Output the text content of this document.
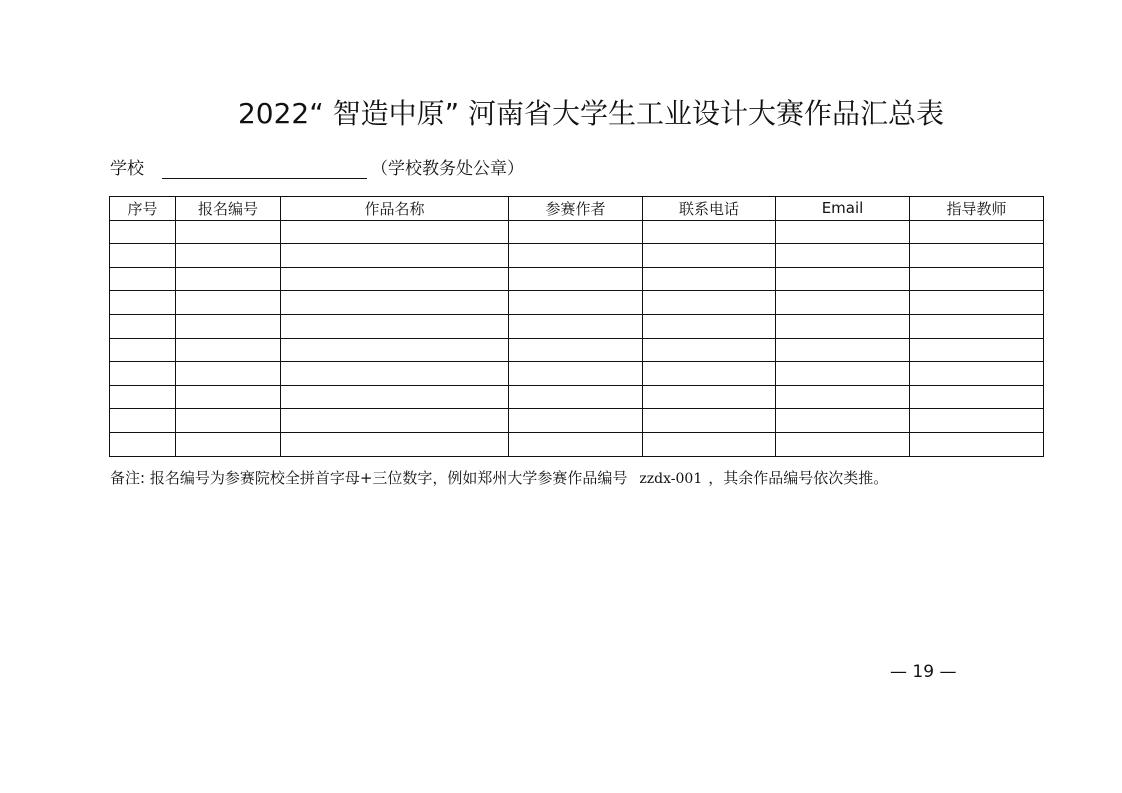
2022“ 智造中原” 河南省大学生工业设计大赛作品汇总表
学校	（学校教务处公章）
序号	报名编号	作品名称	参赛作者	联系电话	Email	指导教师

备注: 报名编号为参赛院校全拼首字母+三位数字，例如郑州大学参赛作品编号 zzdx-001 ，其余作品编号依次类推。
— 19 —
